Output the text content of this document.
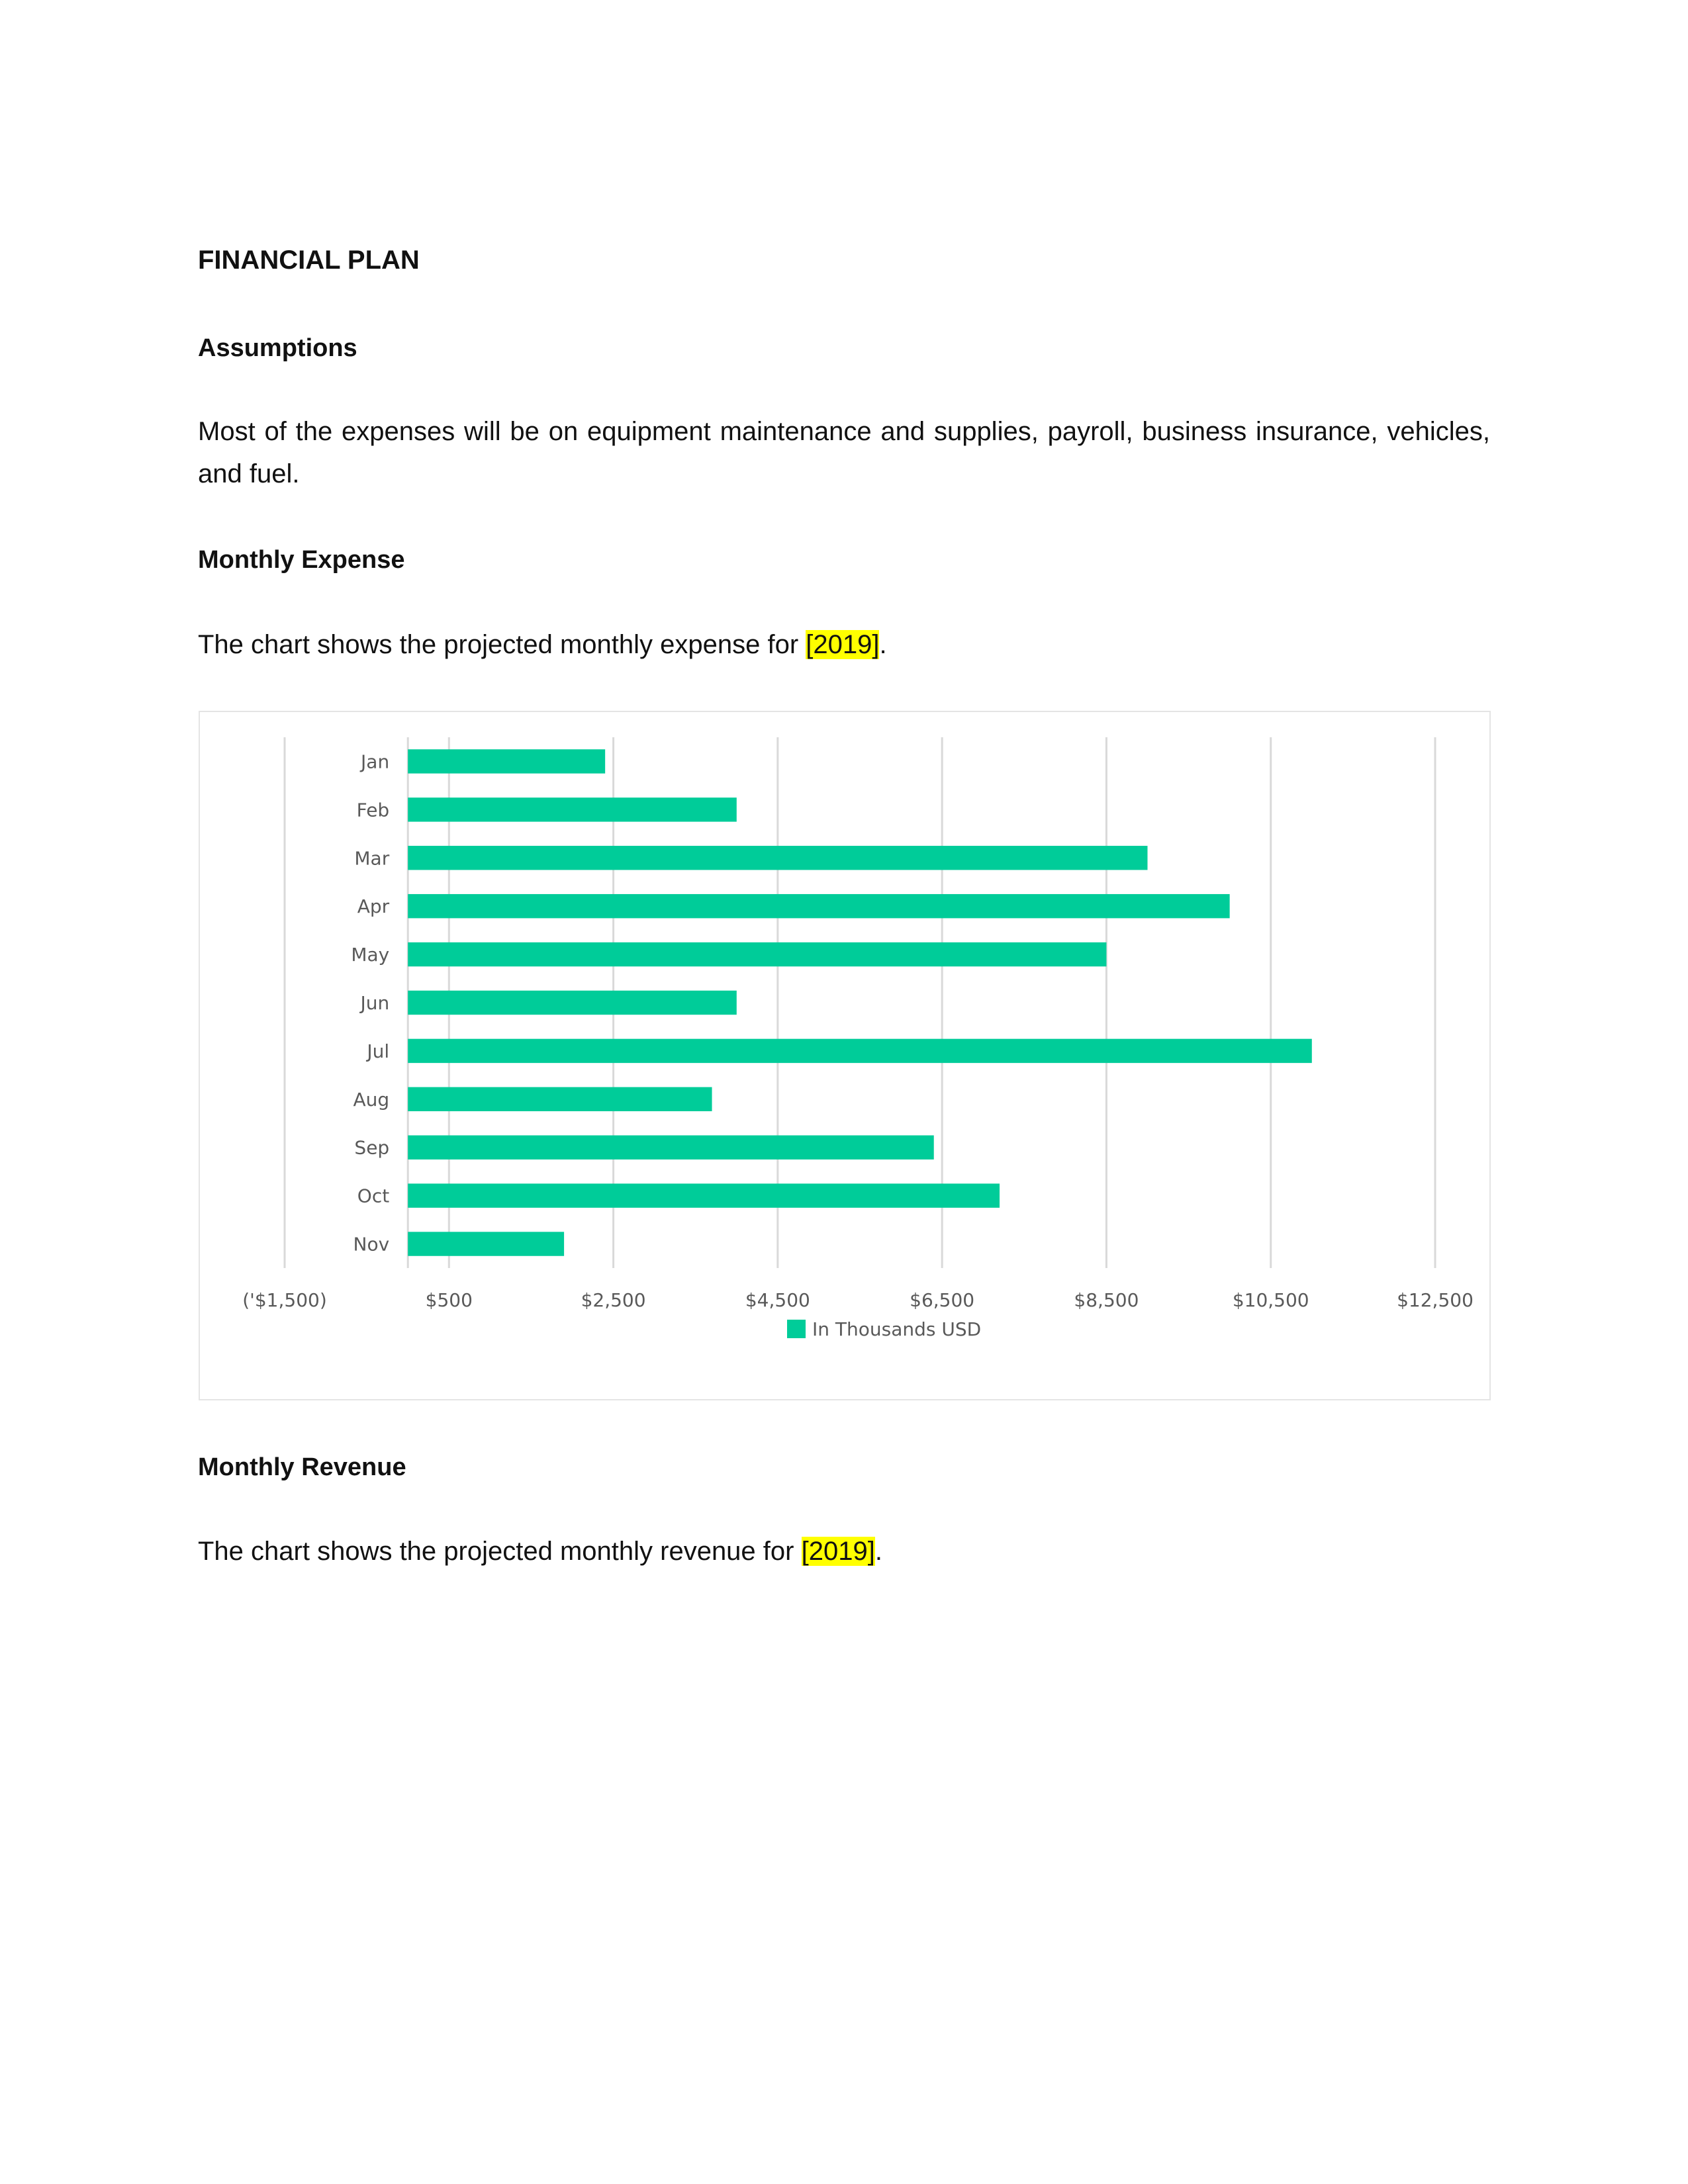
FINANCIAL PLAN
Assumptions
Most of the expenses will be on equipment maintenance and supplies, payroll, business insurance, vehicles, and fuel.
Monthly Expense
The chart shows the projected monthly expense for [2019].
Jan
Feb
Mar
Apr
May
Jun
Jul
Aug
Sep
Oct
Nov
('$1,500)	$500	$2,500	$4,500	$6,500	$8,500	$10,500	$12,500
In Thousands USD
Monthly Revenue
The chart shows the projected monthly revenue for [2019].
